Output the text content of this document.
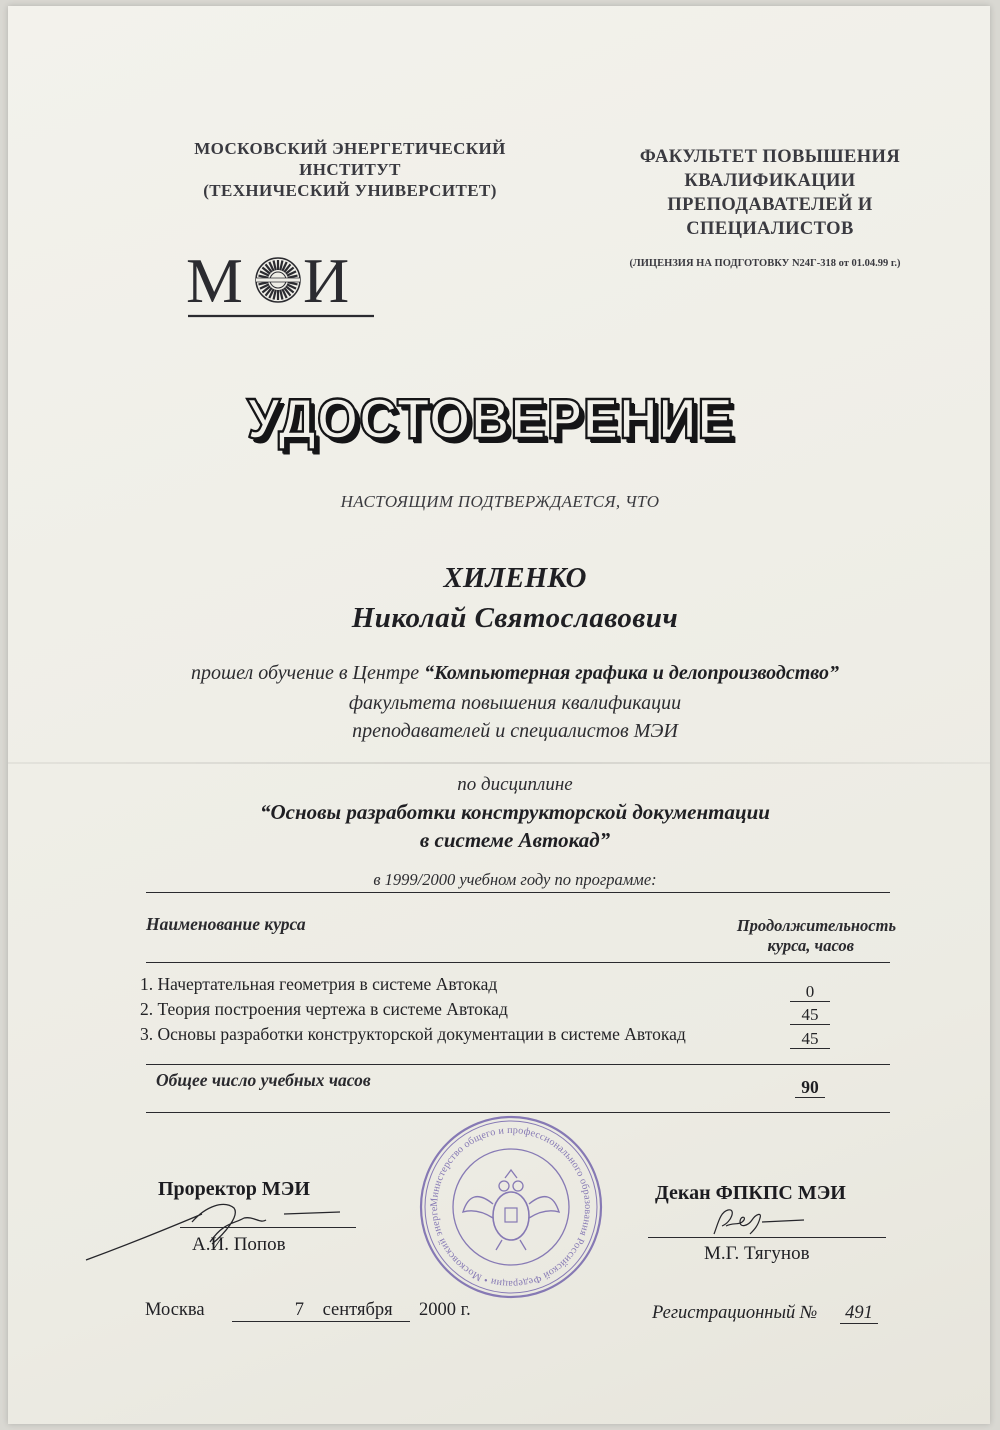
МОСКОВСКИЙ ЭНЕРГЕТИЧЕСКИЙ
ИНСТИТУТ
(ТЕХНИЧЕСКИЙ УНИВЕРСИТЕТ)
ФАКУЛЬТЕТ ПОВЫШЕНИЯ
КВАЛИФИКАЦИИ
ПРЕПОДАВАТЕЛЕЙ И
СПЕЦИАЛИСТОВ
(ЛИЦЕНЗИЯ НА ПОДГОТОВКУ N24Г-318 от 01.04.99 г.)
М И
УДОСТОВЕРЕНИЕ
НАСТОЯЩИМ ПОДТВЕРЖДАЕТСЯ, ЧТО
ХИЛЕНКО
Николай Святославович
прошел обучение в Центре “Компьютерная графика и делопроизводство”
факультета повышения квалификации
преподавателей и специалистов МЭИ
по дисциплине
“Основы разработки конструкторской документации
в системе Автокад”
в 1999/2000 учебном году по программе:
Наименование курса	Продолжительность
курса, часов
1. Начертательная геометрия в системе Автокад	0
2. Теория построения чертежа в системе Автокад	45
3. Основы разработки конструкторской документации в системе Автокад	45
Общее число учебных часов	90
Министерство общего и профессионального образования Российской Федерации • Московский энерге
Проректор МЭИ
А.И. Попов
Декан ФПКПС МЭИ
М.Г. Тягунов
Москва	7 сентября	2000 г.	Регистрационный № 491
